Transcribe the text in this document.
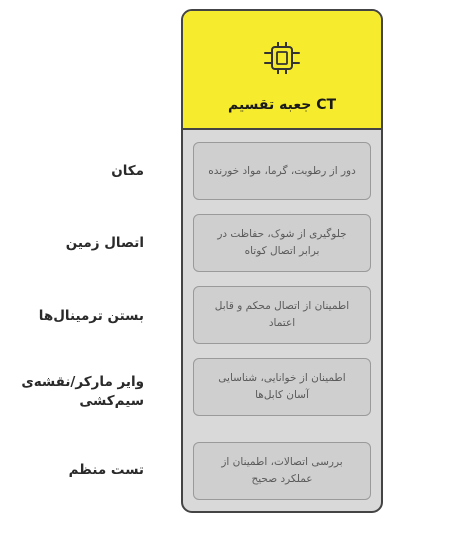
CT جعبه تقسیم
دور از رطوبت، گرما، مواد خورنده
جلوگیری از شوک، حفاظت در برابر اتصال کوتاه
اطمینان از اتصال محکم و قابل اعتماد
اطمینان از خوانایی، شناسایی آسان کابل‌ها
بررسی اتصالات، اطمینان از عملکرد صحیح
مکان
اتصال زمین
بستن ترمینال‌ها
وایر مارکر/نقشه‌ی سیم‌کشی
تست منظم
